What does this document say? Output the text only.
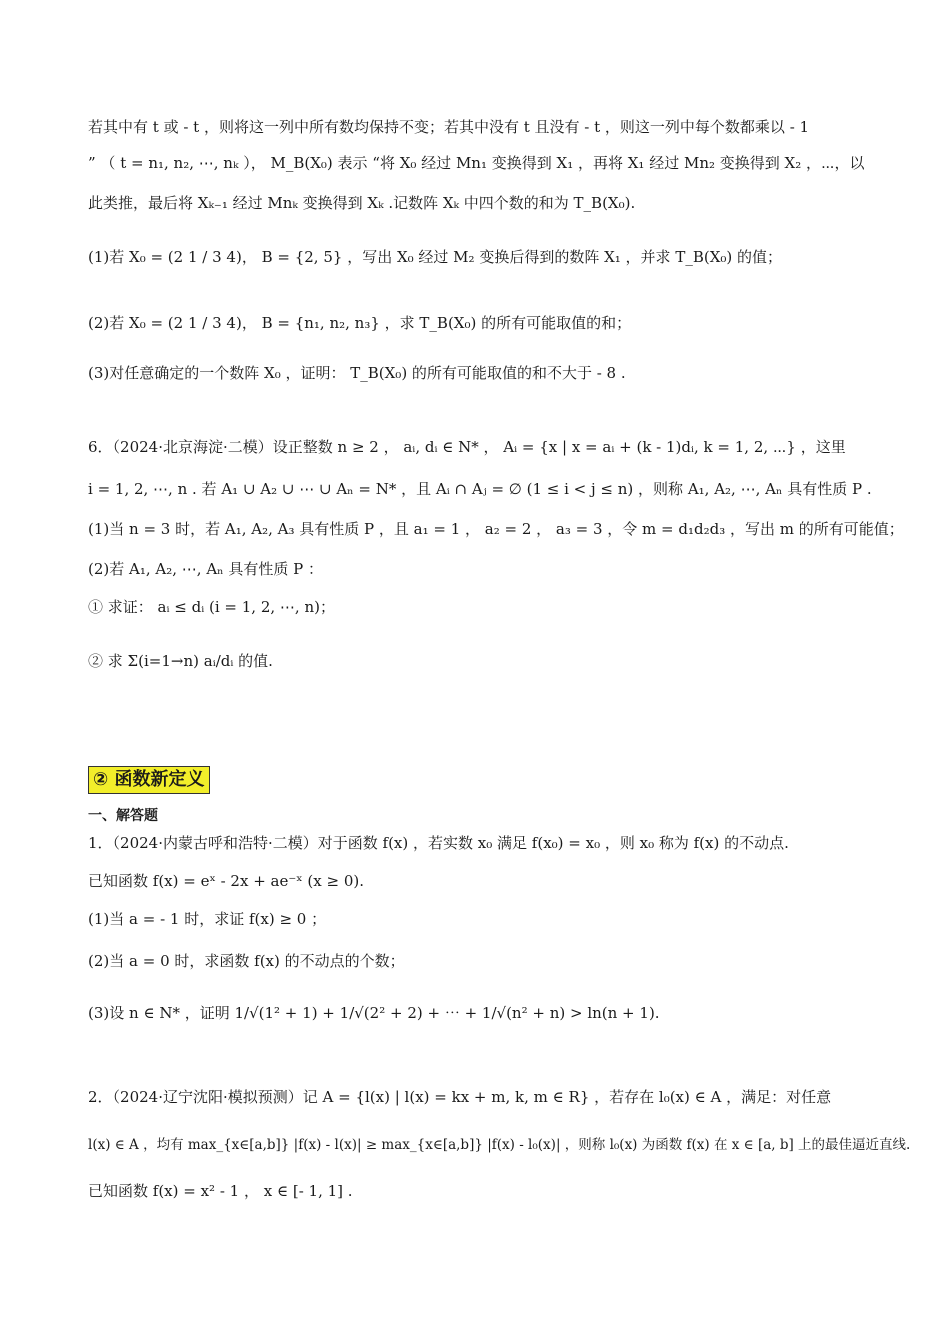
若其中有 t 或 - t ，则将这一列中所有数均保持不变；若其中没有 t 且没有 - t ，则这一列中每个数都乘以 - 1
” （ t = n₁, n₂, ⋯, nₖ ）， M_B(X₀) 表示 “将 X₀ 经过 Mn₁ 变换得到 X₁ ，再将 X₁ 经过 Mn₂ 变换得到 X₂ ，⋯，以
此类推，最后将 Xₖ₋₁ 经过 Mnₖ 变换得到 Xₖ .记数阵 Xₖ 中四个数的和为 T_B(X₀).
(1)若 X₀ = (2 1 / 3 4)， B = {2, 5} ，写出 X₀ 经过 M₂ 变换后得到的数阵 X₁ ，并求 T_B(X₀) 的值；
(2)若 X₀ = (2 1 / 3 4)， B = {n₁, n₂, n₃} ，求 T_B(X₀) 的所有可能取值的和；
(3)对任意确定的一个数阵 X₀ ，证明： T_B(X₀) 的所有可能取值的和不大于 - 8 .
6．（2024·北京海淀·二模）设正整数 n ≥ 2 ， aᵢ, dᵢ ∈ N* ， Aᵢ = {x | x = aᵢ + (k - 1)dᵢ, k = 1, 2, ⋯} ，这里
i = 1, 2, ⋯, n . 若 A₁ ∪ A₂ ∪ ⋯ ∪ Aₙ = N* ，且 Aᵢ ∩ Aⱼ = ∅ (1 ≤ i < j ≤ n) ，则称 A₁, A₂, ⋯, Aₙ 具有性质 P .
(1)当 n = 3 时，若 A₁, A₂, A₃ 具有性质 P ，且 a₁ = 1 ， a₂ = 2 ， a₃ = 3 ，令 m = d₁d₂d₃ ，写出 m 的所有可能值；
(2)若 A₁, A₂, ⋯, Aₙ 具有性质 P ：
① 求证： aᵢ ≤ dᵢ (i = 1, 2, ⋯, n)；
② 求 Σ(i=1→n) aᵢ/dᵢ 的值.
② 函数新定义
一、解答题
1．（2024·内蒙古呼和浩特·二模）对于函数 f(x) ，若实数 x₀ 满足 f(x₀) = x₀ ，则 x₀ 称为 f(x) 的不动点.
已知函数 f(x) = eˣ - 2x + ae⁻ˣ (x ≥ 0).
(1)当 a = - 1 时，求证 f(x) ≥ 0 ；
(2)当 a = 0 时，求函数 f(x) 的不动点的个数；
(3)设 n ∈ N* ，证明 1/√(1² + 1) + 1/√(2² + 2) + ⋯ + 1/√(n² + n) > ln(n + 1).
2．（2024·辽宁沈阳·模拟预测）记 A = {l(x) | l(x) = kx + m, k, m ∈ R} ，若存在 l₀(x) ∈ A ，满足：对任意
l(x) ∈ A ，均有 max_{x∈[a,b]} |f(x) - l(x)| ≥ max_{x∈[a,b]} |f(x) - l₀(x)| ，则称 l₀(x) 为函数 f(x) 在 x ∈ [a, b] 上的最佳逼近直线.
已知函数 f(x) = x² - 1 ， x ∈ [- 1, 1] .
